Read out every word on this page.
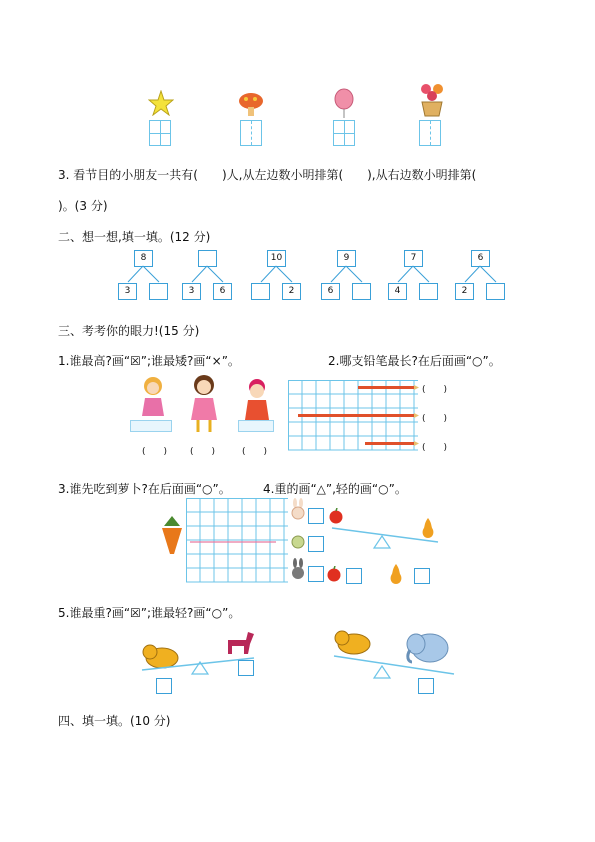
3. 看节目的小朋友一共有(　　)人,从左边数小明排第(　　),从右边数小明排第(
)。(3 分)
二、想一想,填一填。(12 分)
8
3	3	6
10
2
9
6
7
4
6
2
三、考考你的眼力!(15 分)
1.谁最高?画“☒”;谁最矮?画“×”。	2.哪支铅笔最长?在后面画“○”。
(　　)	(　　)	(　　)
(　　)
(　　)
(　　)
3.谁先吃到萝卜?在后面画“○”。	4.重的画“△”,轻的画“○”。
5.谁最重?画“☒”;谁最轻?画“○”。
四、填一填。(10 分)
